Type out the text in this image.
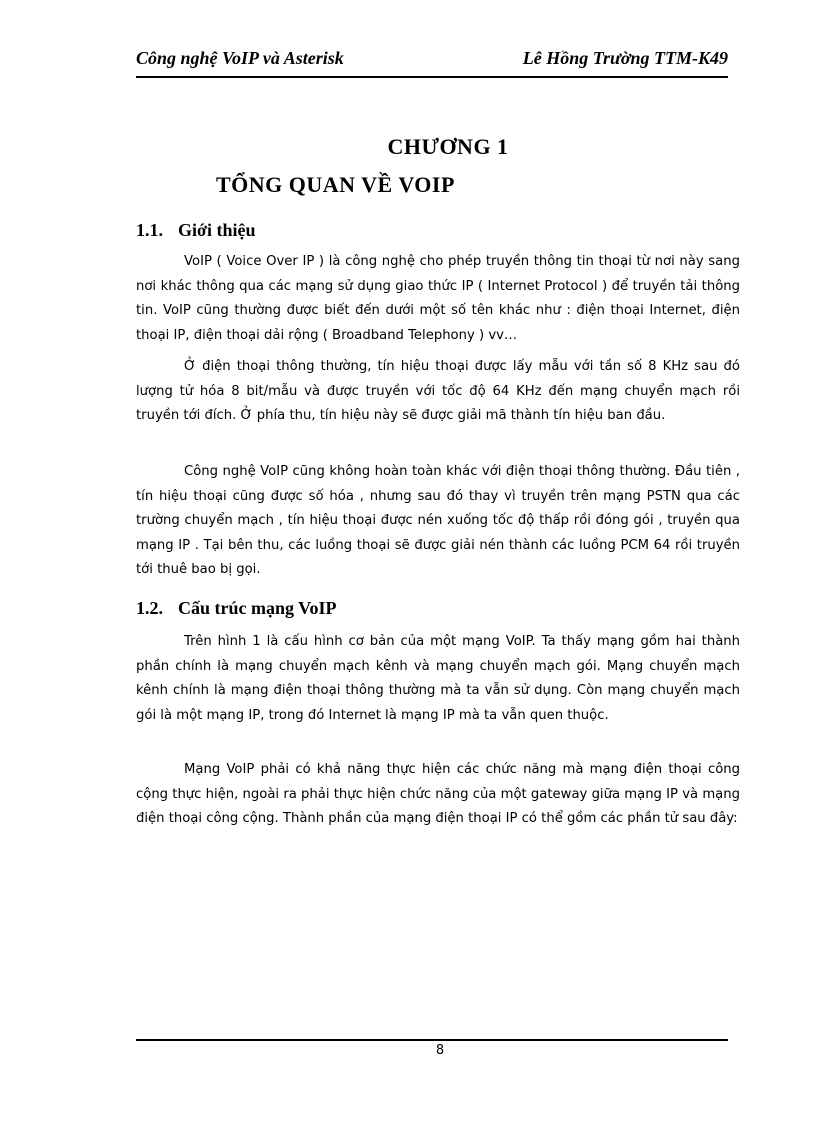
Công nghệ VoIP và Asterisk	Lê Hồng Trường TTM-K49
CHƯƠNG 1
TỔNG QUAN VỀ VOIP
1.1. Giới thiệu

VoIP ( Voice Over IP ) là công nghệ cho phép truyền thông tin thoại từ nơi này sang nơi khác thông qua các mạng sử dụng giao thức IP ( Internet Protocol ) để truyền tải thông tin. VoIP cũng thường được biết đến dưới một số tên khác như : điện thoại Internet, điện thoại IP, điện thoại dải rộng ( Broadband Telephony ) vv…

Ở điện thoại thông thường, tín hiệu thoại được lấy mẫu với tần số 8 KHz sau đó lượng tử hóa 8 bit/mẫu và được truyền với tốc độ 64 KHz đến mạng chuyển mạch rồi truyền tới đích. Ở phía thu, tín hiệu này sẽ được giải mã thành tín hiệu ban đầu.

Công nghệ VoIP cũng không hoàn toàn khác với điện thoại thông thường. Đầu tiên , tín hiệu thoại cũng được số hóa , nhưng sau đó thay vì truyền trên mạng PSTN qua các trường chuyển mạch , tín hiệu thoại được nén xuống tốc độ thấp rồi đóng gói , truyền qua mạng IP . Tại bên thu, các luồng thoại sẽ được giải nén thành các luồng PCM 64 rồi truyền tới thuê bao bị gọi.

1.2. Cấu trúc mạng VoIP

Trên hình 1 là cấu hình cơ bản của một mạng VoIP. Ta thấy mạng gồm hai thành phần chính là mạng chuyển mạch kênh và mạng chuyển mạch gói. Mạng chuyển mạch kênh chính là mạng điện thoại thông thường mà ta vẫn sử dụng. Còn mạng chuyển mạch gói là một mạng IP, trong đó Internet là mạng IP mà ta vẫn quen thuộc.

Mạng VoIP phải có khả năng thực hiện các chức năng mà mạng điện thoại công cộng thực hiện, ngoài ra phải thực hiện chức năng của một gateway giữa mạng IP và mạng điện thoại công cộng. Thành phần của mạng điện thoại IP có thể gồm các phần tử sau đây:

8
